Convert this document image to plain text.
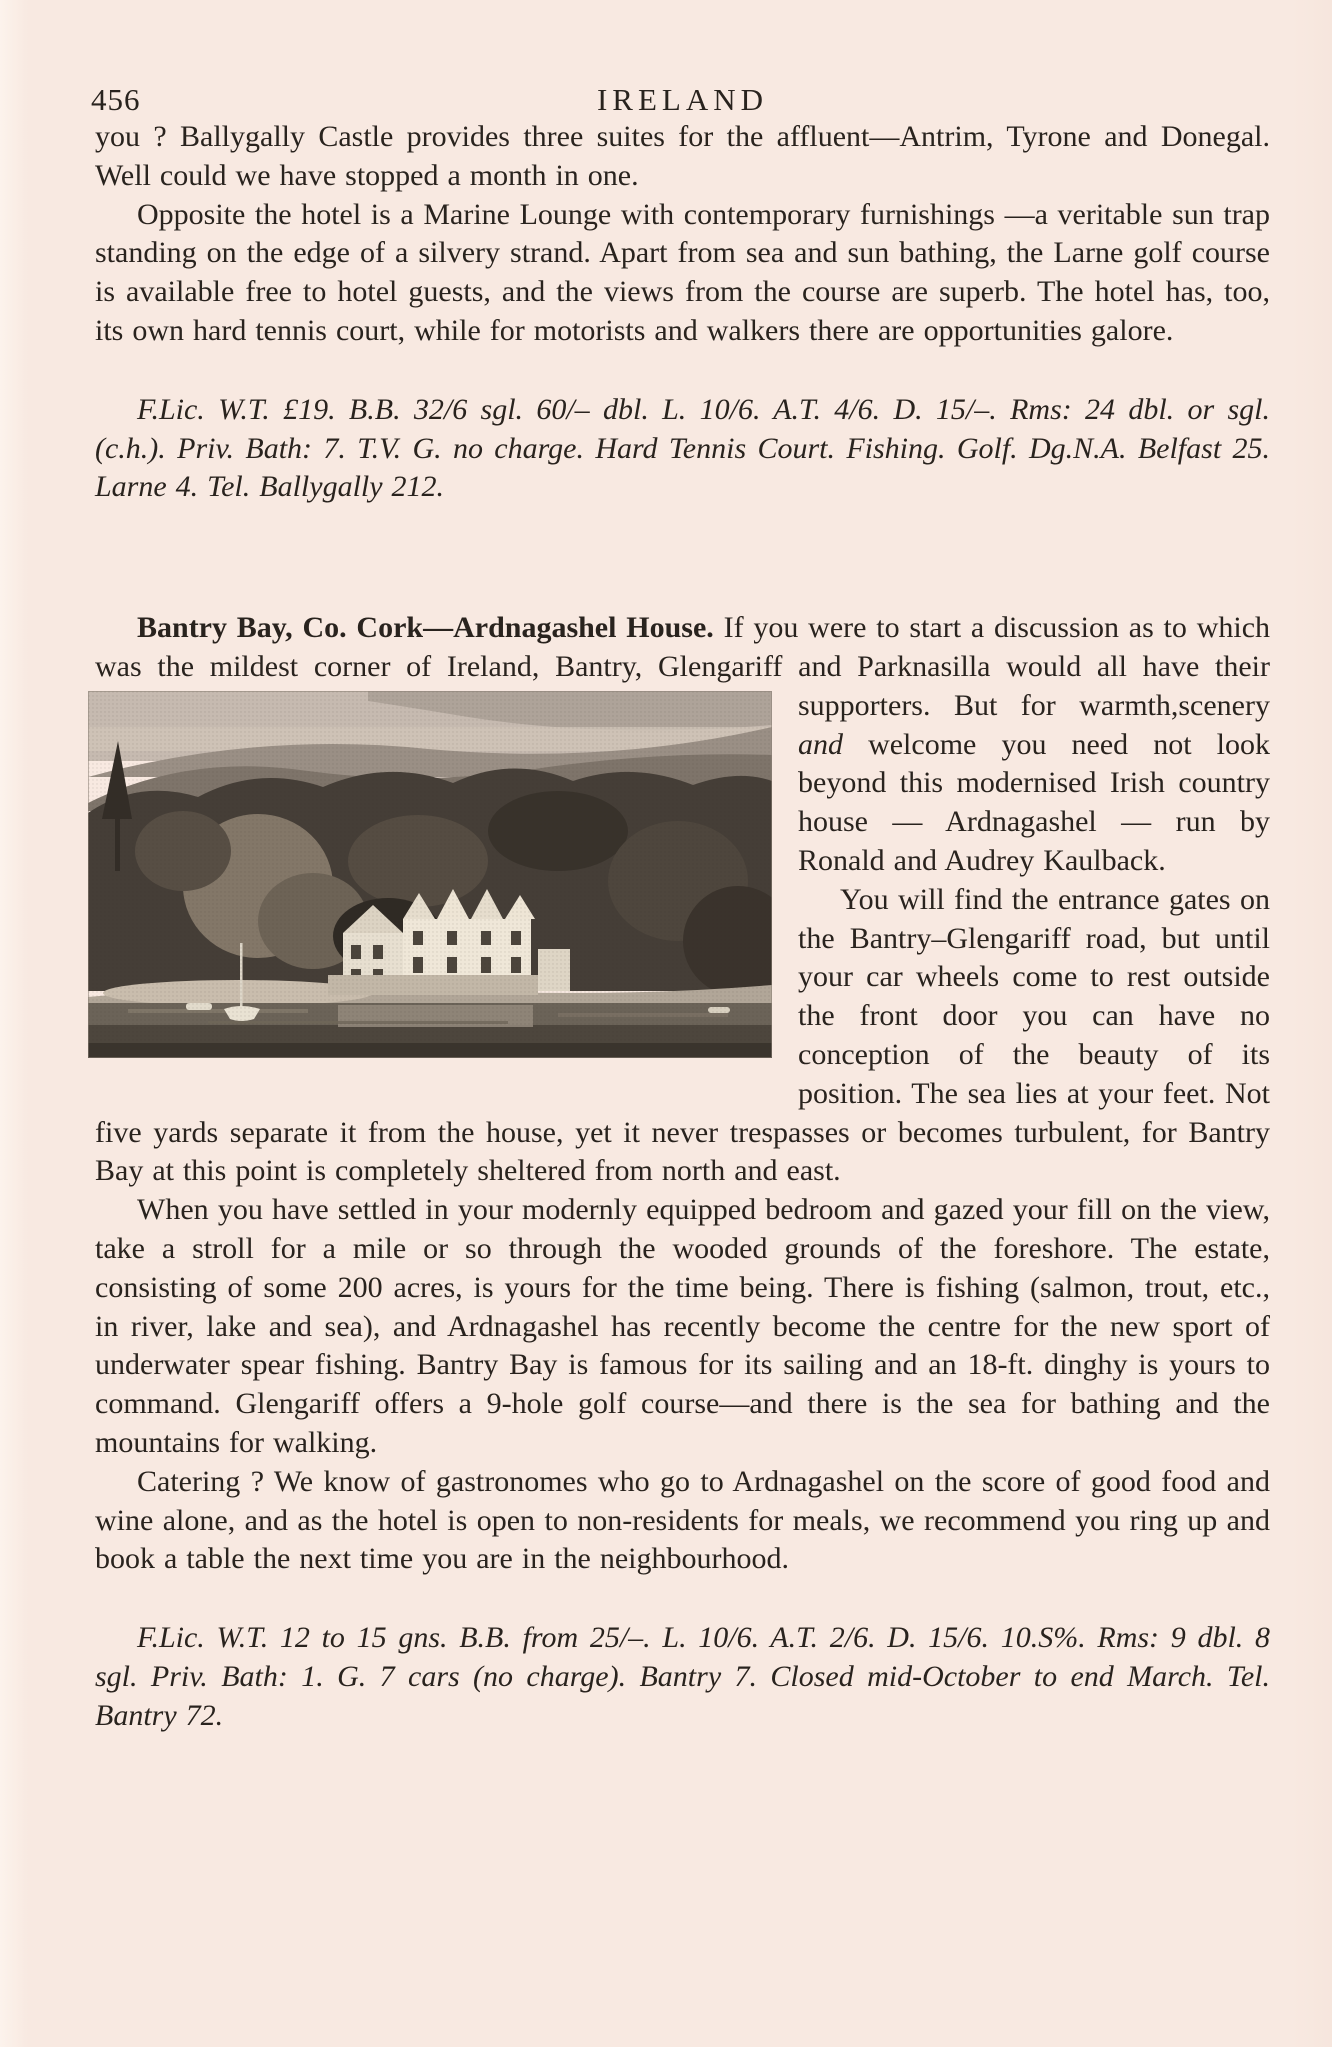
456	IRELAND

you ? Ballygally Castle provides three suites for the affluent—Antrim, Tyrone and Donegal. Well could we have stopped a month in one.

Opposite the hotel is a Marine Lounge with contemporary furnishings —a veritable sun trap standing on the edge of a silvery strand. Apart from sea and sun bathing, the Larne golf course is available free to hotel guests, and the views from the course are superb. The hotel has, too, its own hard tennis court, while for motorists and walkers there are opportunities galore.

F.Lic. W.T. £19. B.B. 32/6 sgl. 60/– dbl. L. 10/6. A.T. 4/6. D. 15/–. Rms: 24 dbl. or sgl. (c.h.). Priv. Bath: 7. T.V. G. no charge. Hard Tennis Court. Fishing. Golf. Dg.N.A. Belfast 25. Larne 4. Tel. Ballygally 212.

Bantry Bay, Co. Cork—Ardnagashel House. If you were to start a discussion as to which was the mildest corner of Ireland, Bantry, Glengariff and Parknasilla would all have their supporters. But for warmth,
scenery and welcome you need not look beyond this modernised Irish country house — Ardnagashel — run by Ronald and Audrey Kaulback.

You will find the entrance gates on the Bantry–Glengariff road, but until your car wheels come to rest outside the front door you can have no conception of the beauty of its position. The sea lies at your feet. Not five yards separate it from the house, yet it never trespasses or becomes turbulent, for Bantry Bay at this point is completely sheltered from north and east.

When you have settled in your modernly equipped bedroom and gazed your fill on the view, take a stroll for a mile or so through the wooded grounds of the foreshore. The estate, consisting of some 200 acres, is yours for the time being. There is fishing (salmon, trout, etc., in river, lake and sea), and Ardnagashel has recently become the centre for the new sport of underwater spear fishing. Bantry Bay is famous for its sailing and an 18-ft. dinghy is yours to command. Glengariff offers a 9-hole golf course—and there is the sea for bathing and the mountains for walking.

Catering ? We know of gastronomes who go to Ardnagashel on the score of good food and wine alone, and as the hotel is open to non-residents for meals, we recommend you ring up and book a table the next time you are in the neighbourhood.

F.Lic. W.T. 12 to 15 gns. B.B. from 25/–. L. 10/6. A.T. 2/6. D. 15/6. 10.S%. Rms: 9 dbl. 8 sgl. Priv. Bath: 1. G. 7 cars (no charge). Bantry 7. Closed mid-October to end March. Tel. Bantry 72.
